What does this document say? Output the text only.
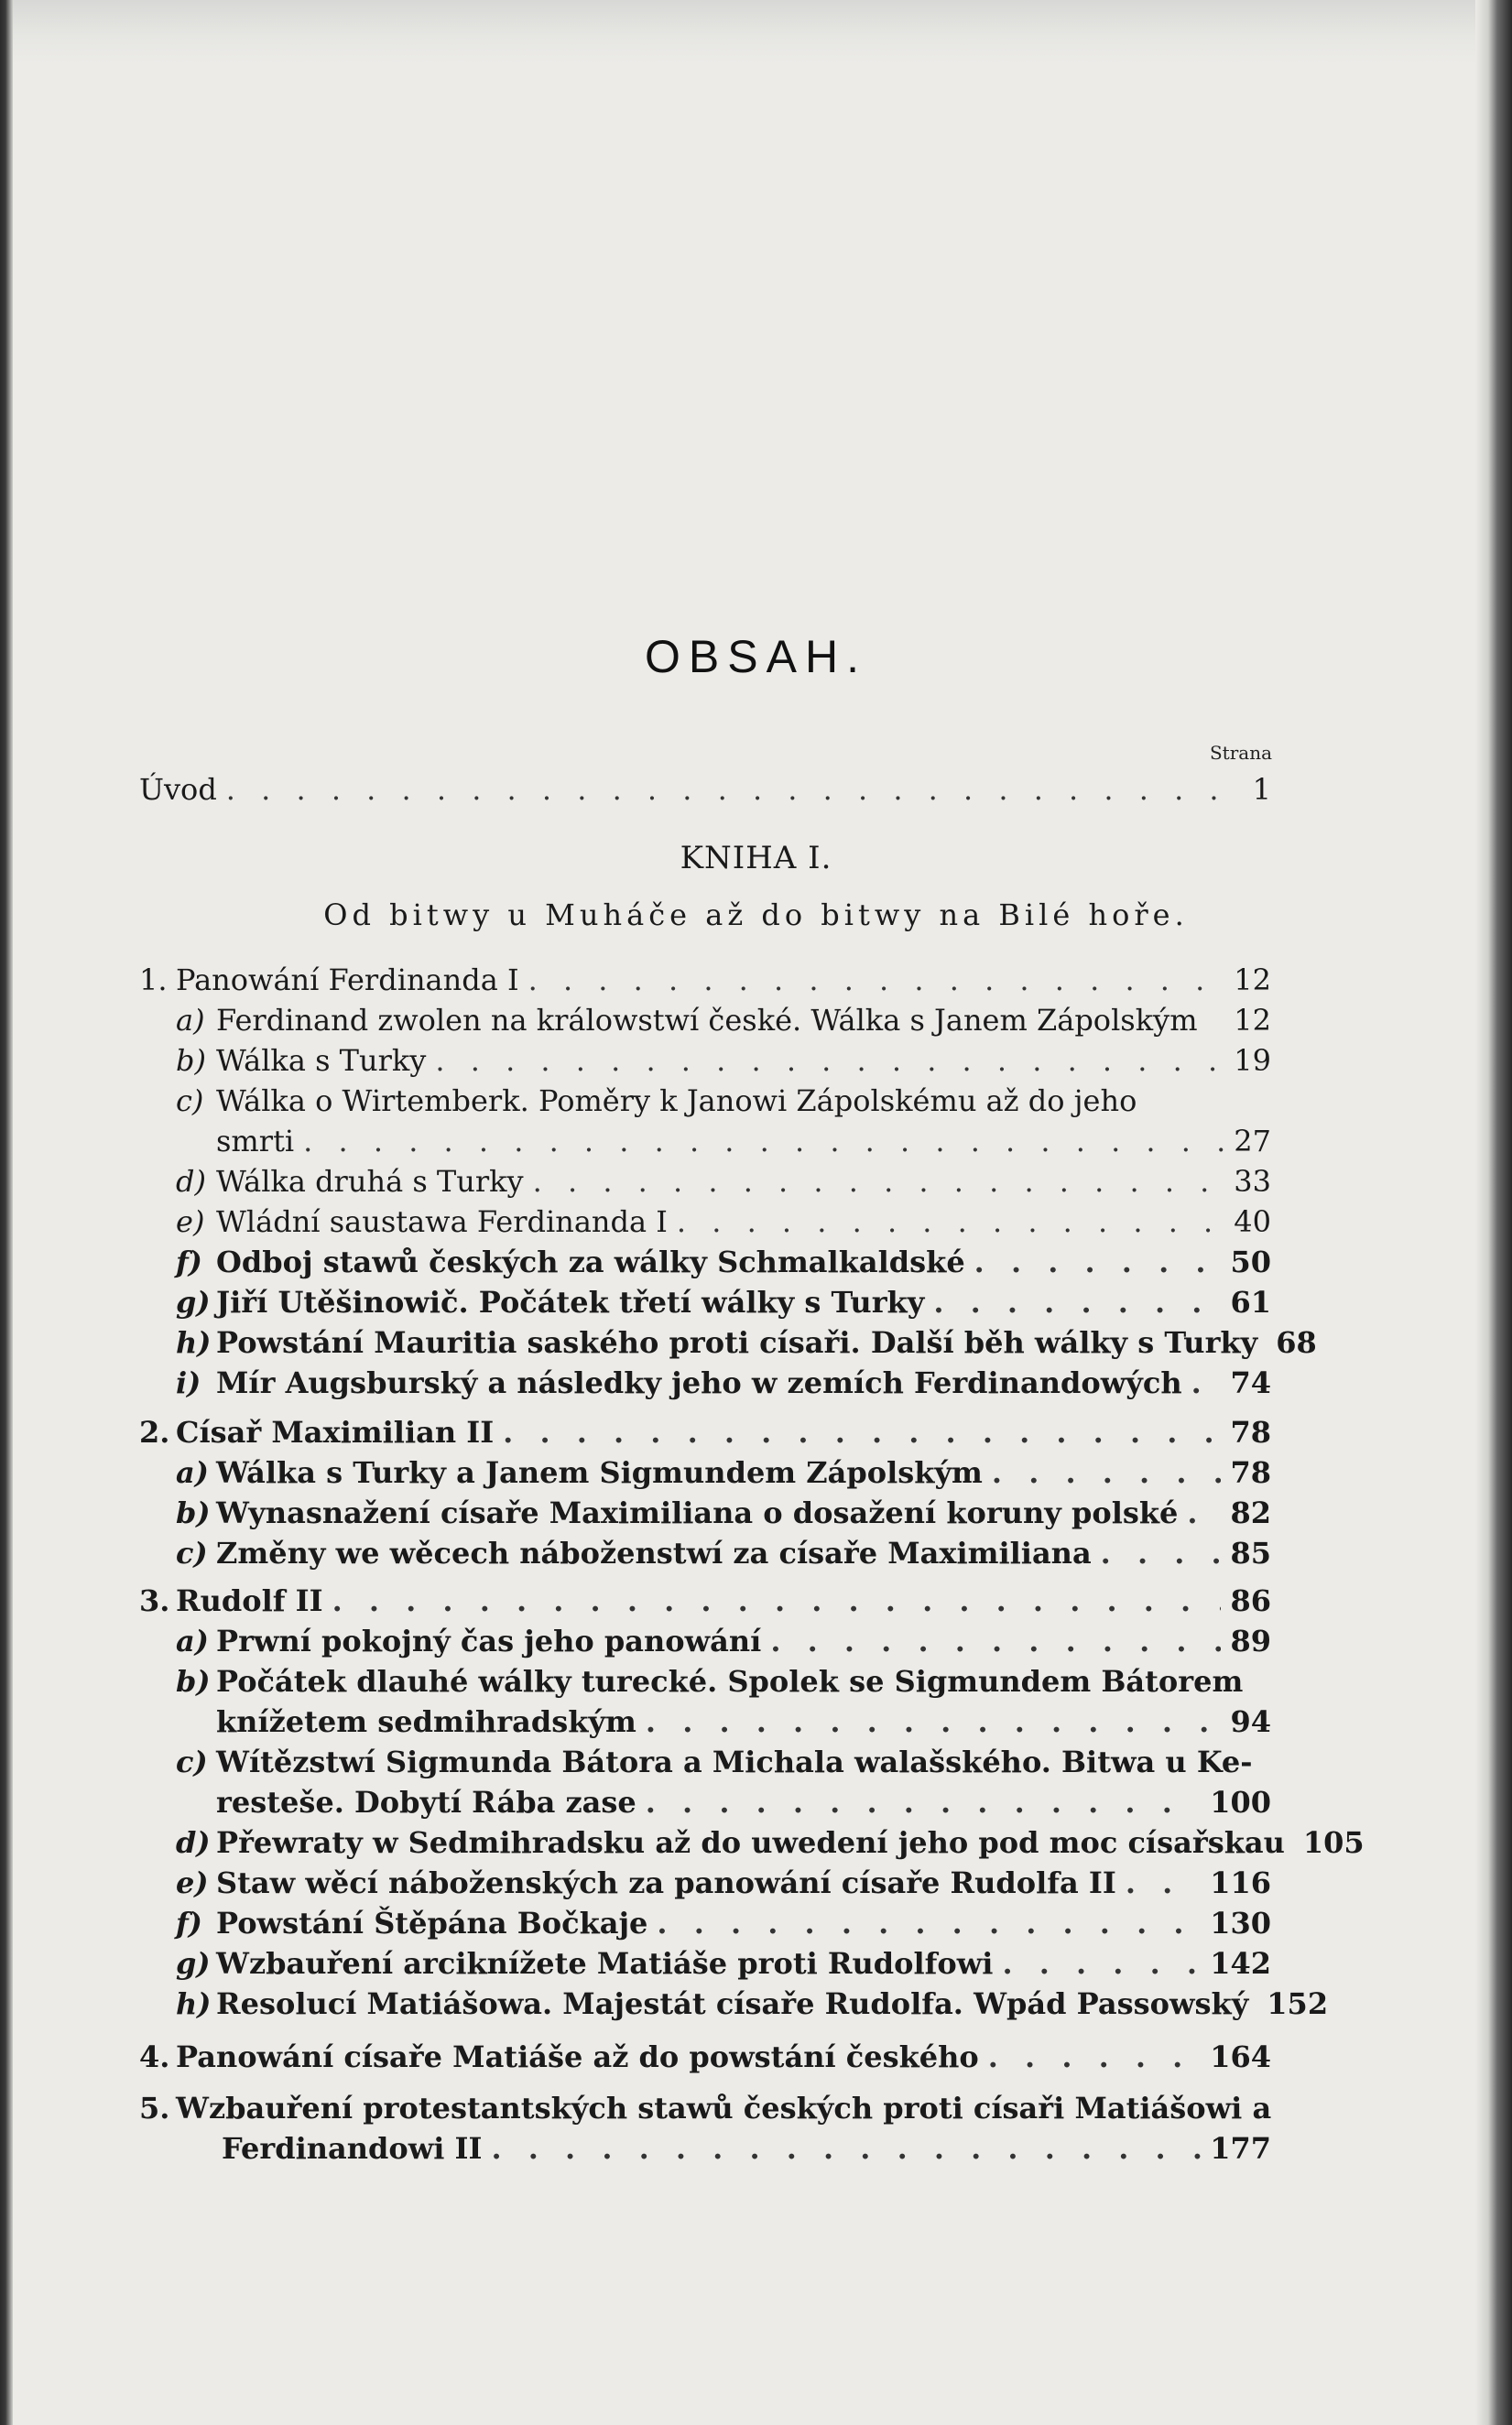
OBSAH.
Strana
Úvod . . .	1
KNIHA I.
Od bitwy u Muháče až do bitwy na Bilé hoře.
1. Panowání Ferdinanda I . . .	12
a) Ferdinand zwolen na králowstwí české. Wálka s Janem Zápolským 12
b) Wálka s Turky . . .	19
c) Wálka o Wirtemberk. Poměry k Janowi Zápolskému až do jeho
smrti . . .	27
d) Wálka druhá s Turky . . .	33
e) Wládní saustawa Ferdinanda I . . .	40
f) Odboj stawů českých za wálky Schmalkaldské . . .	50
g) Jiří Utěšinowič. Počátek třetí wálky s Turky . . .	61
h) Powstání Mauritia saského proti císaři. Další běh wálky s Turky 68
i) Mír Augsburský a následky jeho w zemích Ferdinandowých . . . 74
2. Císař Maximilian II . . .	78
a) Wálka s Turky a Janem Sigmundem Zápolským . . .	78
b) Wynasnažení císaře Maximiliana o dosažení koruny polské . . . 82
c) Změny we wěcech náboženstwí za císaře Maximiliana . . .	85
3. Rudolf II . . .	86
a) Prwní pokojný čas jeho panowání . . .	89
b) Počátek dlauhé wálky turecké. Spolek se Sigmundem Bátorem
knížetem sedmihradským . . .	94
c) Wítězstwí Sigmunda Bátora a Michala walašského. Bitwa u Ke-
resteše. Dobytí Rába zase . . .	100
d) Přewraty w Sedmihradsku až do uwedení jeho pod moc císařskau 105
e) Staw wěcí náboženských za panowání císaře Rudolfa II . . .	116
f) Powstání Štěpána Bočkaje . . .	130
g) Wzbauření arciknížete Matiáše proti Rudolfowi . . .	142
h) Resolucí Matiášowa. Majestát císaře Rudolfa. Wpád Passowský 152
4. Panowání císaře Matiáše až do powstání českého . . .	164
5. Wzbauření protestantských stawů českých proti císaři Matiášowi a
Ferdinandowi II . . .	177
